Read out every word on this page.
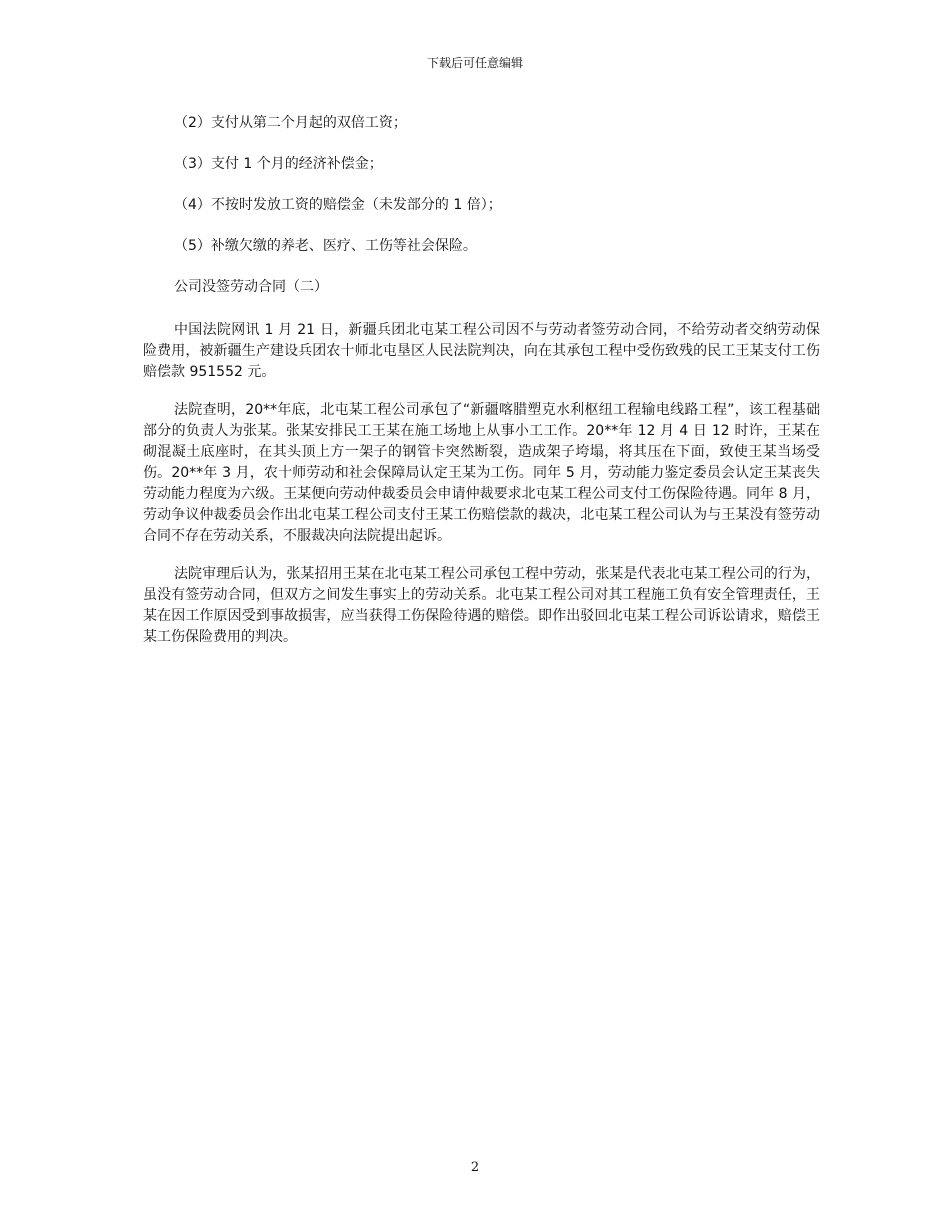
下载后可任意编辑

（2）支付从第二个月起的双倍工资；

（3）支付 1 个月的经济补偿金；

（4）不按时发放工资的赔偿金（未发部分的 1 倍）；

（5）补缴欠缴的养老、医疗、工伤等社会保险。

公司没签劳动合同（二）

中国法院网讯 1 月 21 日，新疆兵团北屯某工程公司因不与劳动者签劳动合同，不给劳动者交纳劳动保险费用，被新疆生产建设兵团农十师北屯垦区人民法院判决，向在其承包工程中受伤致残的民工王某支付工伤赔偿款 951552 元。

法院查明，20**年底，北屯某工程公司承包了“新疆喀腊塑克水利枢纽工程输电线路工程”，该工程基础部分的负责人为张某。张某安排民工王某在施工场地上从事小工工作。20**年 12 月 4 日 12 时许，王某在砌混凝土底座时，在其头顶上方一架子的钢管卡突然断裂，造成架子垮塌，将其压在下面，致使王某当场受伤。20**年 3 月，农十师劳动和社会保障局认定王某为工伤。同年 5 月，劳动能力鉴定委员会认定王某丧失劳动能力程度为六级。王某便向劳动仲裁委员会申请仲裁要求北屯某工程公司支付工伤保险待遇。同年 8 月，劳动争议仲裁委员会作出北屯某工程公司支付王某工伤赔偿款的裁决，北屯某工程公司认为与王某没有签劳动合同不存在劳动关系，不服裁决向法院提出起诉。

法院审理后认为，张某招用王某在北屯某工程公司承包工程中劳动，张某是代表北屯某工程公司的行为，虽没有签劳动合同，但双方之间发生事实上的劳动关系。北屯某工程公司对其工程施工负有安全管理责任，王某在因工作原因受到事故损害，应当获得工伤保险待遇的赔偿。即作出驳回北屯某工程公司诉讼请求，赔偿王某工伤保险费用的判决。

2
